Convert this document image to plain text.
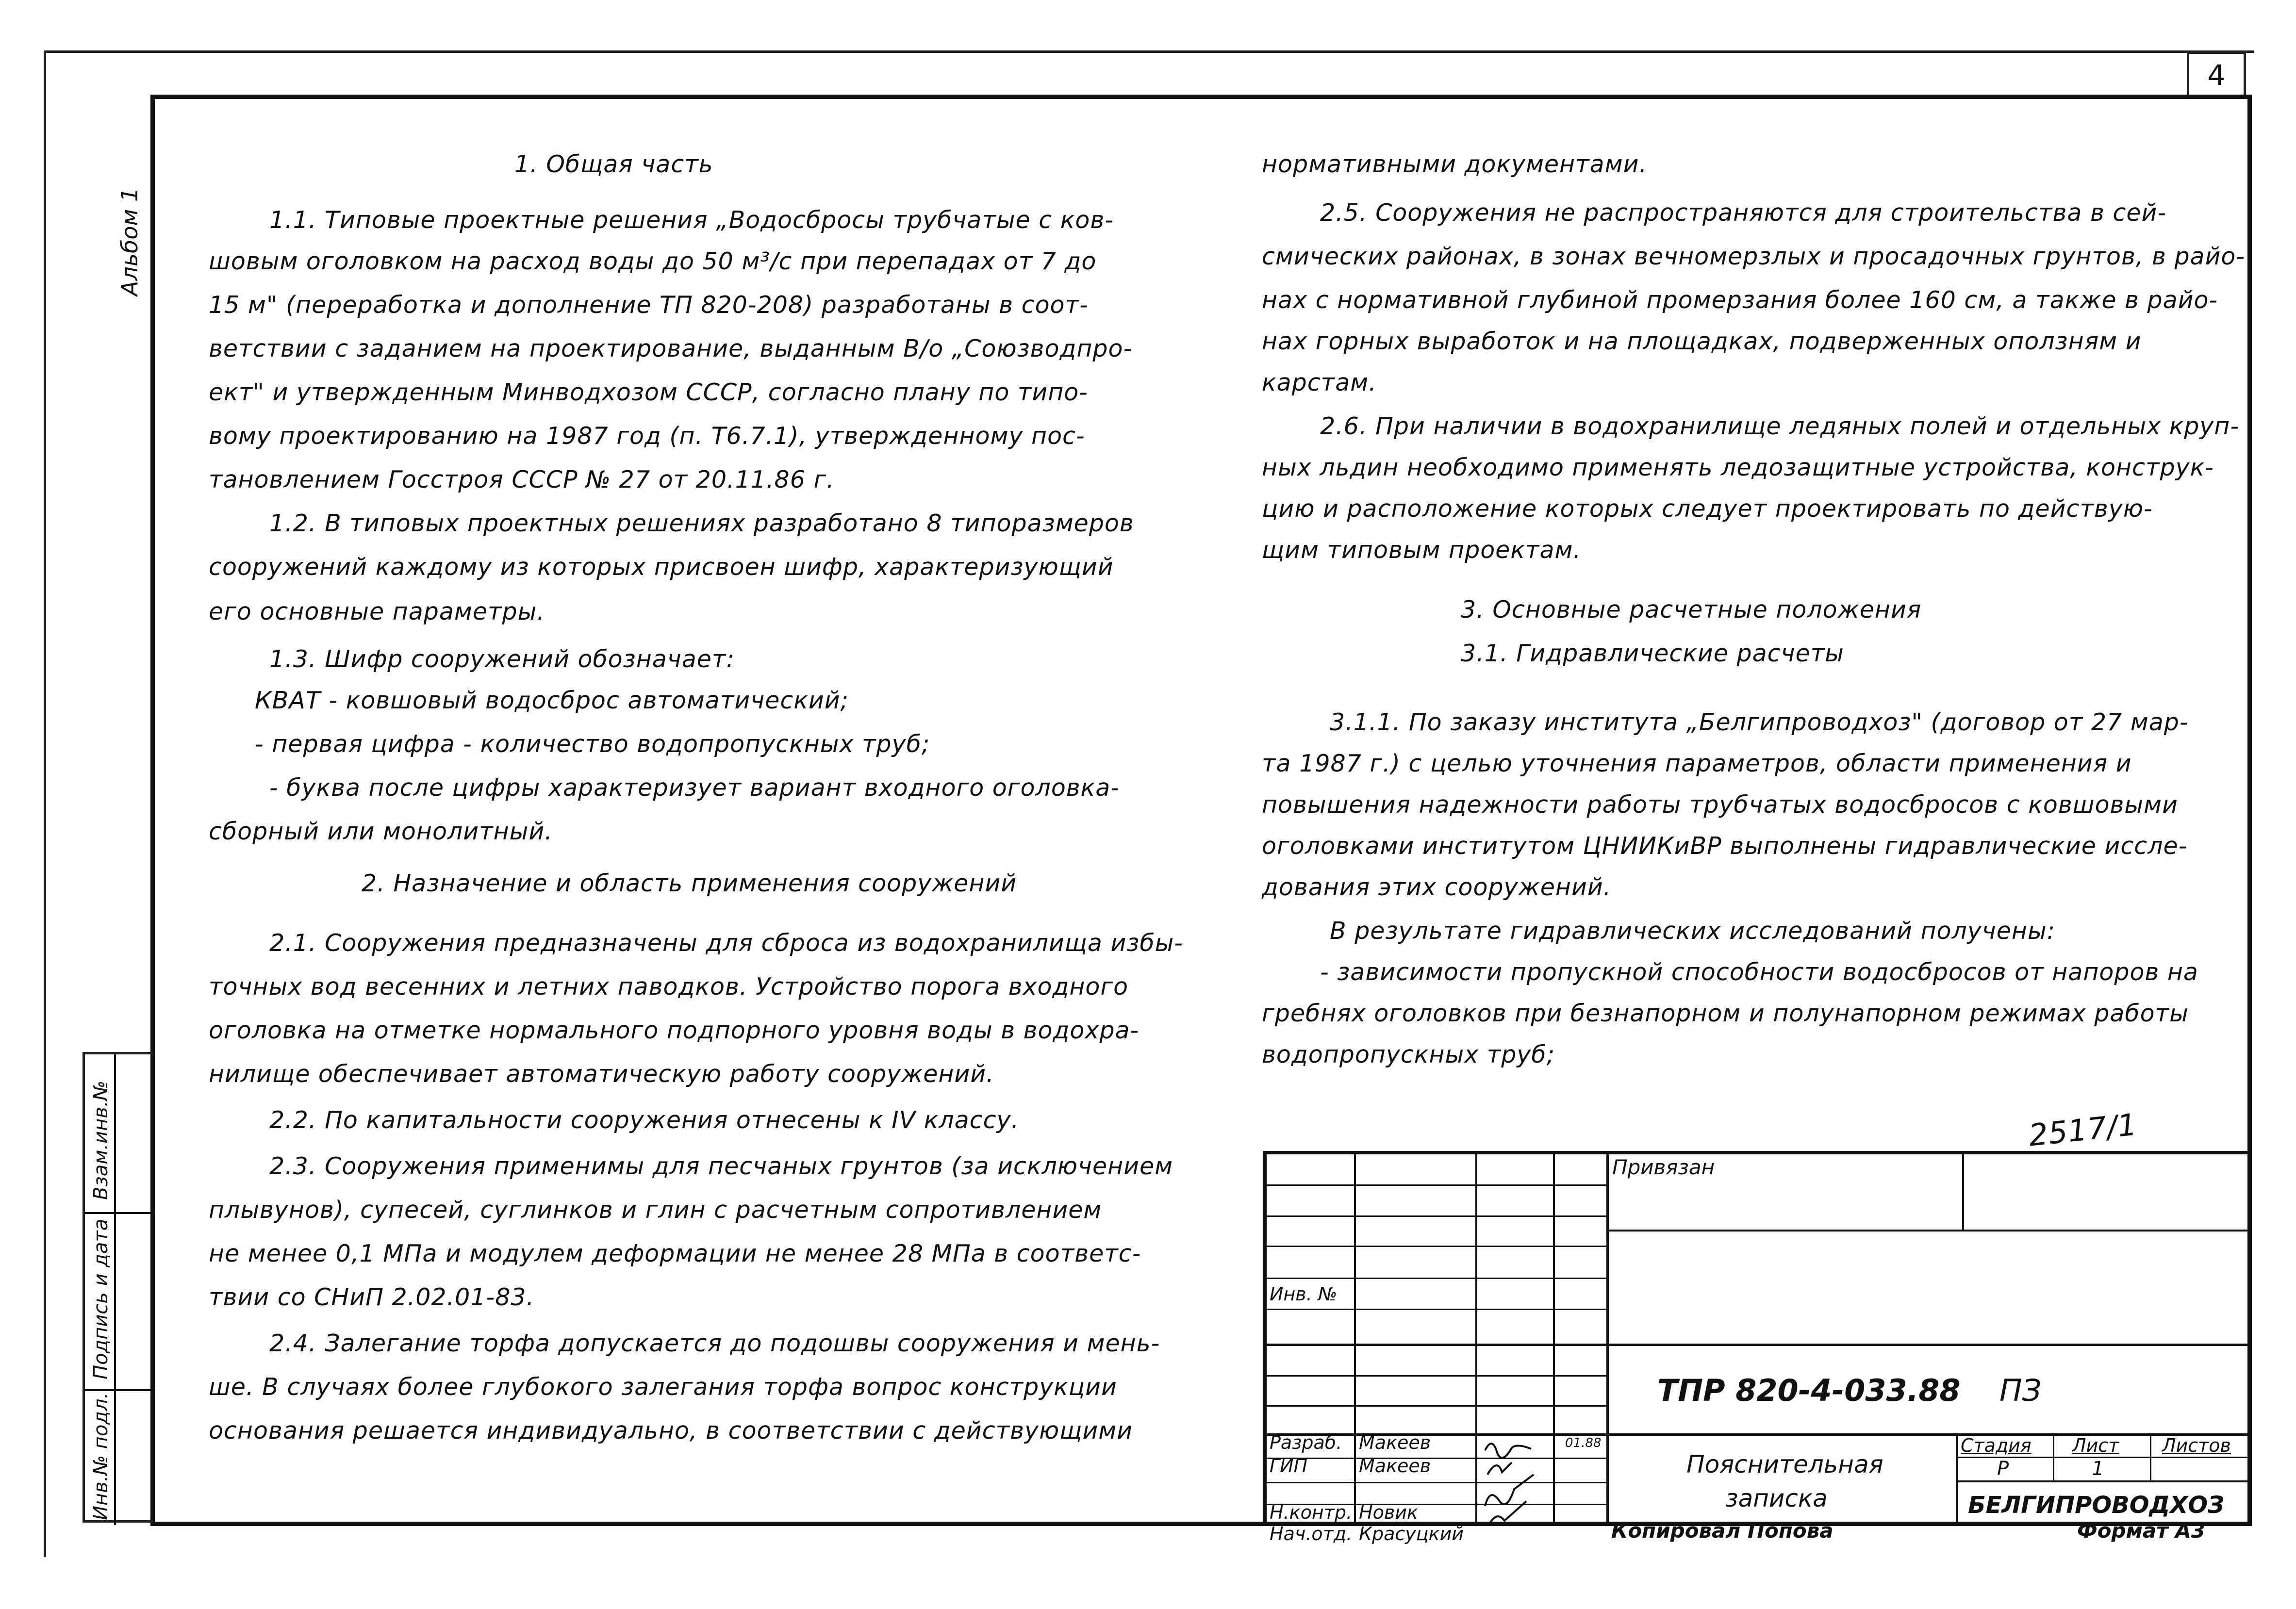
4
Альбом 1
1. Общая часть
1.1. Типовые проектные решения „Водосбросы трубчатые с ков-
шовым оголовком на расход воды до 50 м³/с при перепадах от 7 до
15 м" (переработка и дополнение ТП 820-208) разработаны в соот-
ветствии с заданием на проектирование, выданным В/о „Союзводпро-
ект" и утвержденным Минводхозом СССР, согласно плану по типо-
вому проектированию на 1987 год (п. Т6.7.1), утвержденному пос-
тановлением Госстроя СССР № 27 от 20.11.86 г.
1.2. В типовых проектных решениях разработано 8 типоразмеров
сооружений каждому из которых присвоен шифр, характеризующий
его основные параметры.
1.3. Шифр сооружений обозначает:
КВАТ - ковшовый водосброс автоматический;
- первая цифра - количество водопропускных труб;
- буква после цифры характеризует вариант входного оголовка-
сборный или монолитный.
2.1. Сооружения предназначены для сброса из водохранилища избы-
точных вод весенних и летних паводков. Устройство порога входного
оголовка на отметке нормального подпорного уровня воды в водохра-
нилище обеспечивает автоматическую работу сооружений.
2.2. По капитальности сооружения отнесены к IV классу.
2.3. Сооружения применимы для песчаных грунтов (за исключением
плывунов), супесей, суглинков и глин с расчетным сопротивлением
не менее 0,1 МПа и модулем деформации не менее 28 МПа в соответс-
твии со СНиП 2.02.01-83.
2.4. Залегание торфа допускается до подошвы сооружения и мень-
ше. В случаях более глубокого залегания торфа вопрос конструкции
основания решается индивидуально, в соответствии с действующими
3. Основные расчетные положения
3.1. Гидравлические расчеты
нормативными документами.
2.5. Сооружения не распространяются для строительства в сей-
смических районах, в зонах вечномерзлых и просадочных грунтов, в райо-
нах с нормативной глубиной промерзания более 160 см, а также в райо-
нах горных выработок и на площадках, подверженных оползням и
карстам.
2.6. При наличии в водохранилище ледяных полей и отдельных круп-
ных льдин необходимо применять ледозащитные устройства, конструк-
цию и расположение которых следует проектировать по действую-
щим типовым проектам.
3.1.1. По заказу института „Белгипроводхоз" (договор от 27 мар-
та 1987 г.) с целью уточнения параметров, области применения и
повышения надежности работы трубчатых водосбросов с ковшовыми
оголовками институтом ЦНИИКиВР выполнены гидравлические иссле-
дования этих сооружений.
В результате гидравлических исследований получены:
- зависимости пропускной способности водосбросов от напоров на
гребнях оголовков при безнапорном и полунапорном режимах работы
водопропускных труб;
2. Назначение и область применения сооружений
2517/1
Взам.инв.№
Подпись и дата
Инв.№ подл.
Привязан
Инв. №
ТПР 820-4-033.88 ПЗ
Пояснительная
записка
Стадия Лист Листов
Р	1
БЕЛГИПРОВОДХОЗ
01.88
Разраб. Макеев
ГИП	Макеев
Н.контр. Новик
Нач.отд. Красуцкий	Копировал Попова	Формат А3
